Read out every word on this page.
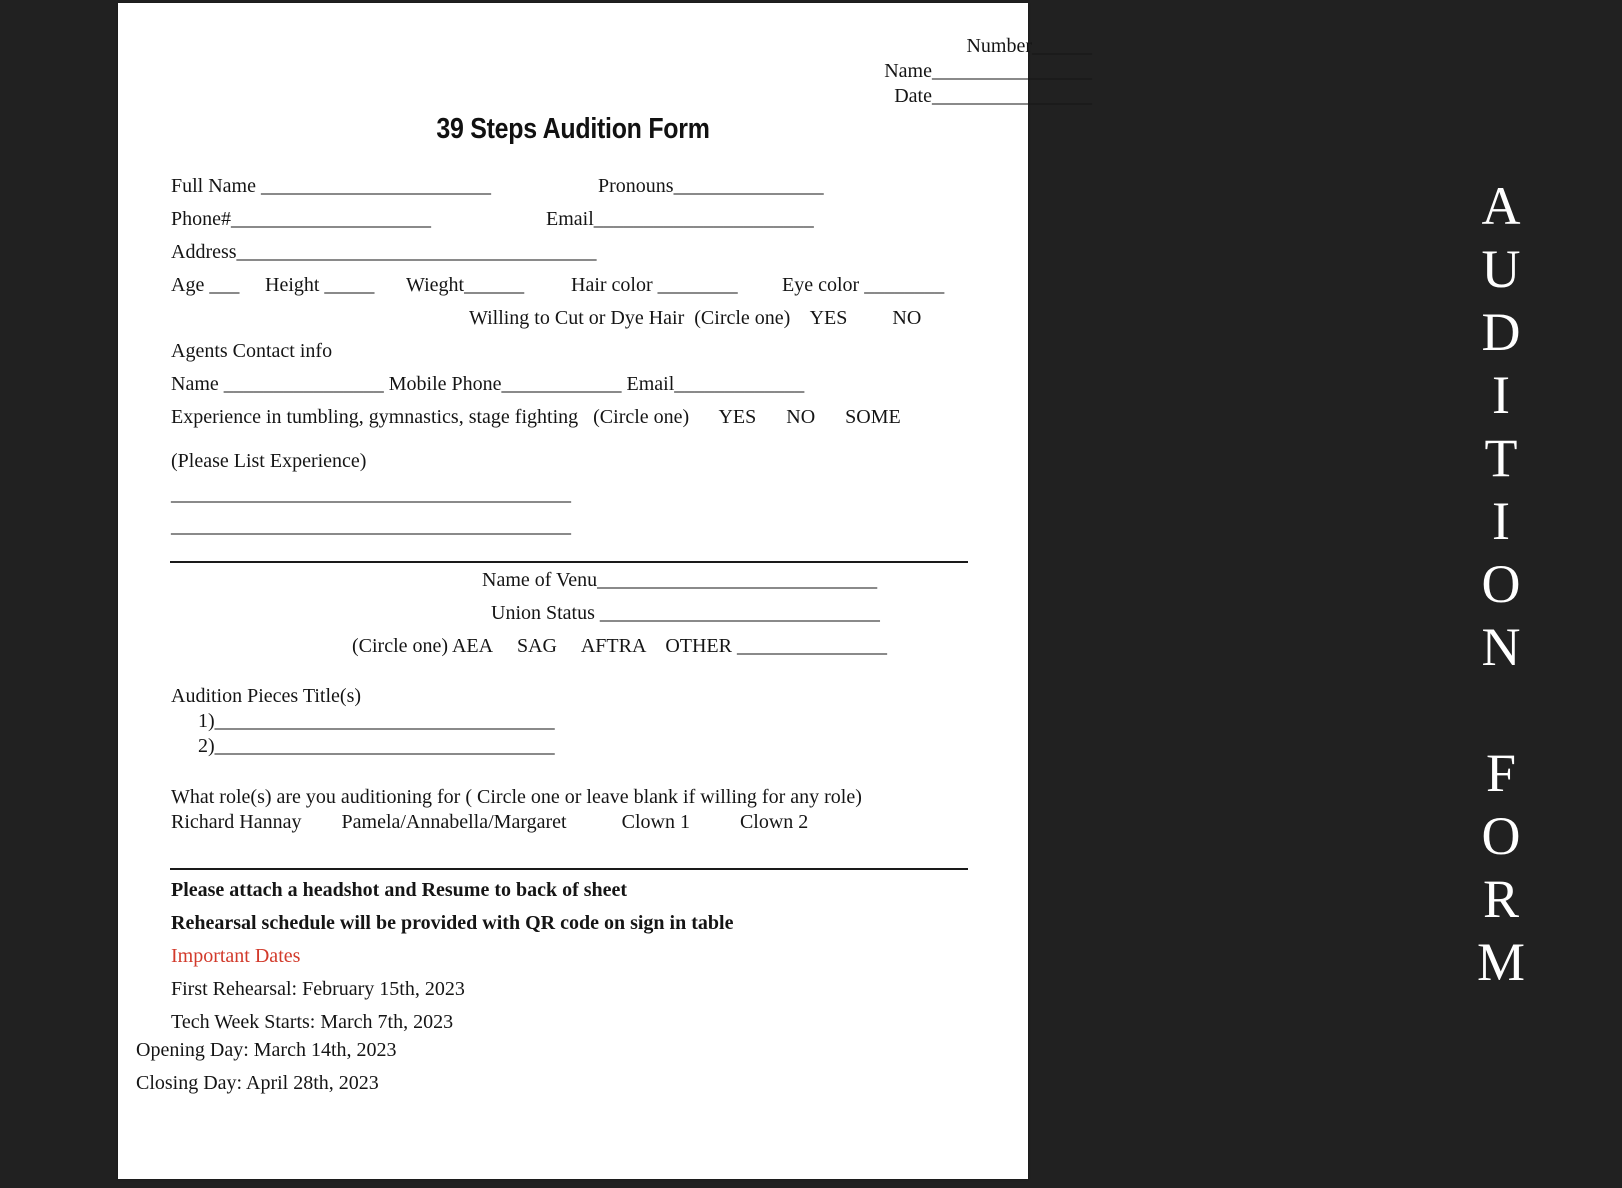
Number______
Name________________
Date________________
39 Steps Audition Form
Full Name _______________________	Pronouns_______________
Phone#____________________	Email______________________
Address____________________________________
Age ___ Height _____ Wieght______ Hair color ________ Eye color ________
Willing to Cut or Dye Hair  (Circle one)    YES         NO
Agents Contact info
Name ________________ Mobile Phone____________ Email_____________
Experience in tumbling, gymnastics, stage fighting   (Circle one)      YES      NO      SOME
(Please List Experience)
________________________________________
________________________________________
Name of Venu____________________________
Union Status ____________________________
(Circle one) AEA     SAG     AFTRA    OTHER _______________
Audition Pieces Title(s)
1)__________________________________
2)__________________________________
What role(s) are you auditioning for ( Circle one or leave blank if willing for any role)
Richard Hannay        Pamela/Annabella/Margaret           Clown 1          Clown 2
Please attach a headshot and Resume to back of sheet
Rehearsal schedule will be provided with QR code on sign in table
Important Dates
First Rehearsal: February 15th, 2023
Tech Week Starts: March 7th, 2023
Opening Day: March 14th, 2023
Closing Day: April 28th, 2023
A
U
D
I
T
I
O
N
F
O
R
M
